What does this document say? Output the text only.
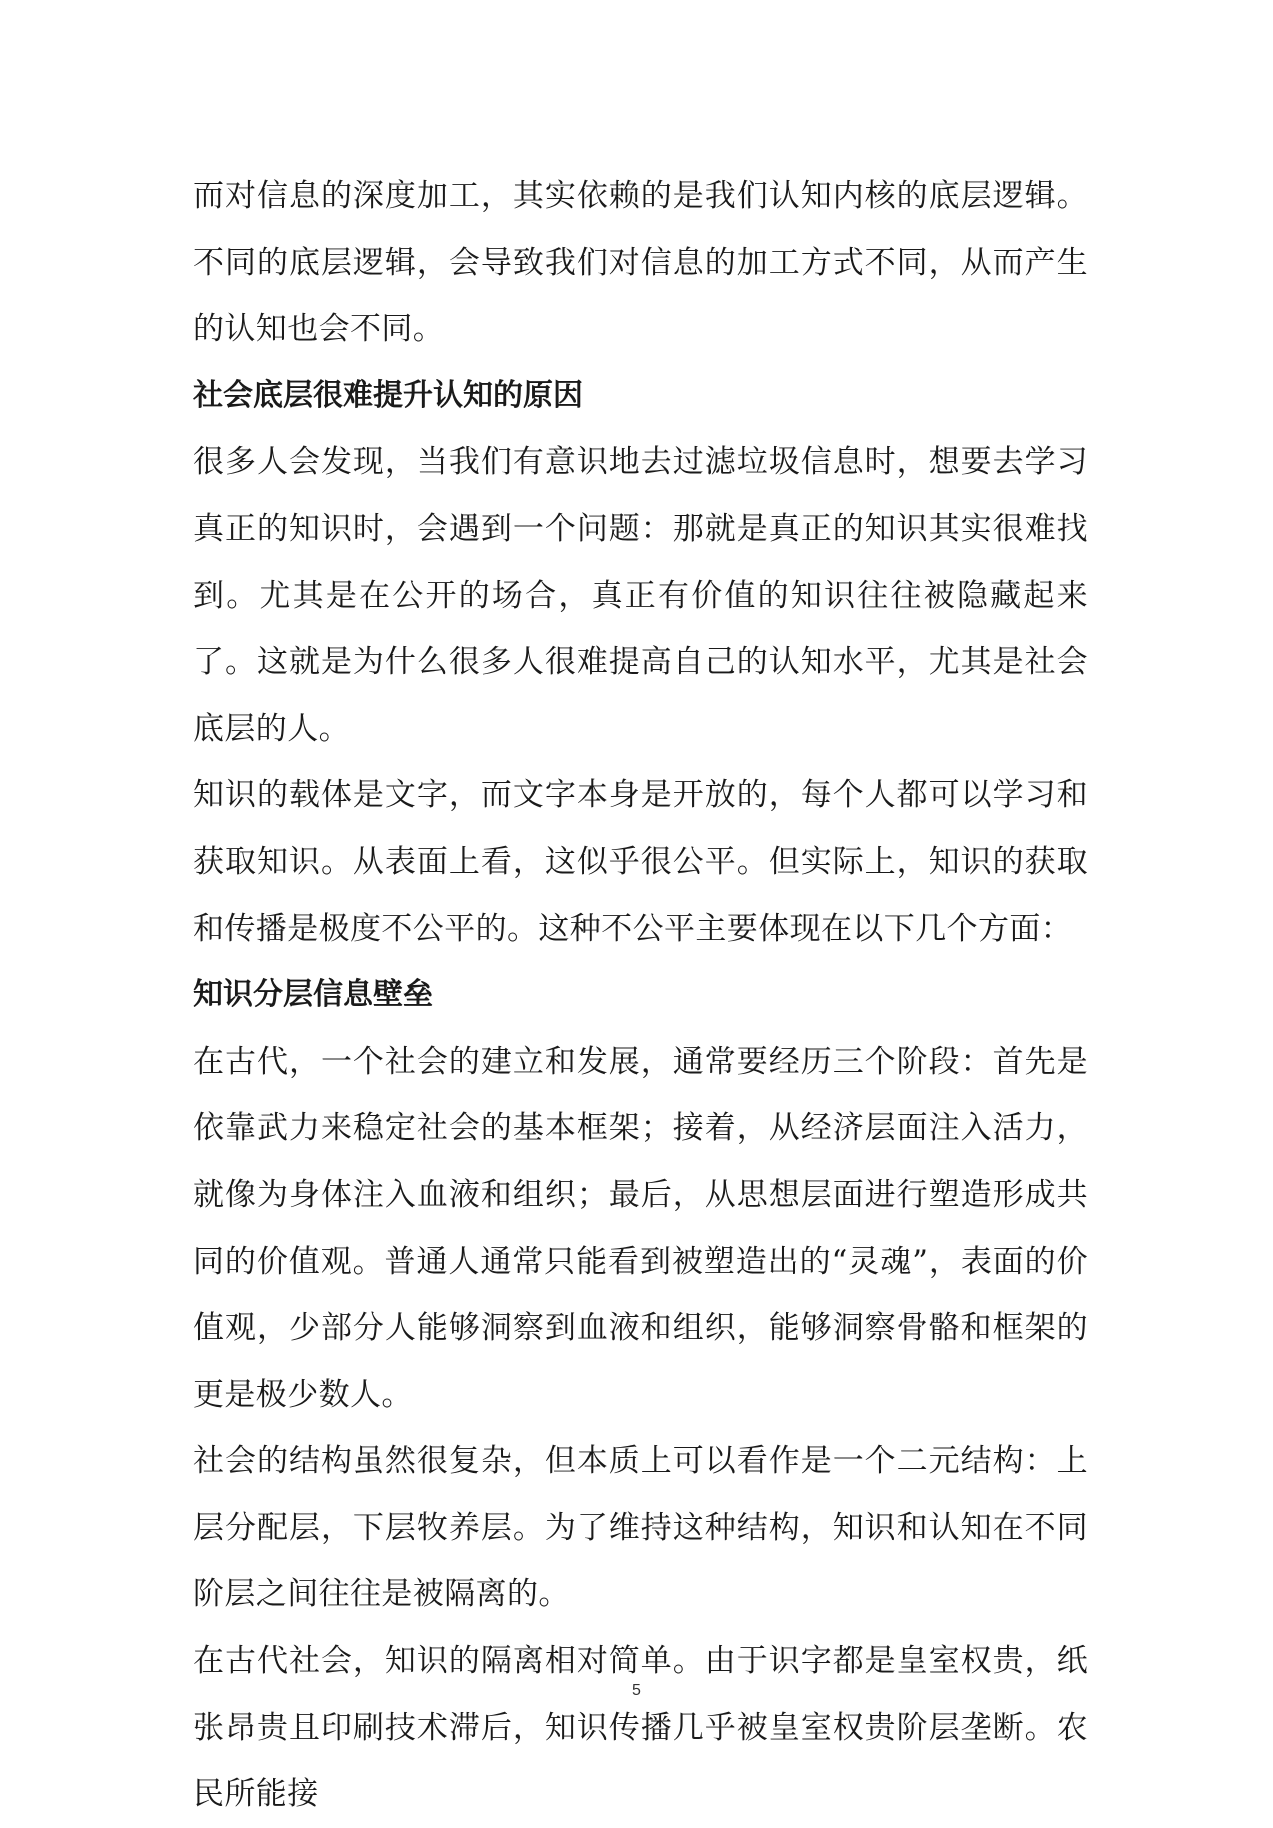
而对信息的深度加工，其实依赖的是我们认知内核的底层逻辑。不同的底层逻辑，会导致我们对信息的加工方式不同，从而产生的认知也会不同。

社会底层很难提升认知的原因

很多人会发现，当我们有意识地去过滤垃圾信息时，想要去学习真正的知识时，会遇到一个问题：那就是真正的知识其实很难找到。尤其是在公开的场合，真正有价值的知识往往被隐藏起来了。这就是为什么很多人很难提高自己的认知水平，尤其是社会底层的人。

知识的载体是文字，而文字本身是开放的，每个人都可以学习和获取知识。从表面上看，这似乎很公平。但实际上，知识的获取和传播是极度不公平的。这种不公平主要体现在以下几个方面：

知识分层信息壁垒

在古代，一个社会的建立和发展，通常要经历三个阶段：首先是依靠武力来稳定社会的基本框架；接着，从经济层面注入活力，就像为身体注入血液和组织；最后，从思想层面进行塑造形成共同的价值观。普通人通常只能看到被塑造出的“灵魂”，表面的价值观，少部分人能够洞察到血液和组织，能够洞察骨骼和框架的更是极少数人。

社会的结构虽然很复杂，但本质上可以看作是一个二元结构：上层分配层，下层牧养层。为了维持这种结构，知识和认知在不同阶层之间往往是被隔离的。

在古代社会，知识的隔离相对简单。由于识字都是皇室权贵，纸张昂贵且印刷技术滞后，知识传播几乎被皇室权贵阶层垄断。农民所能接

5
